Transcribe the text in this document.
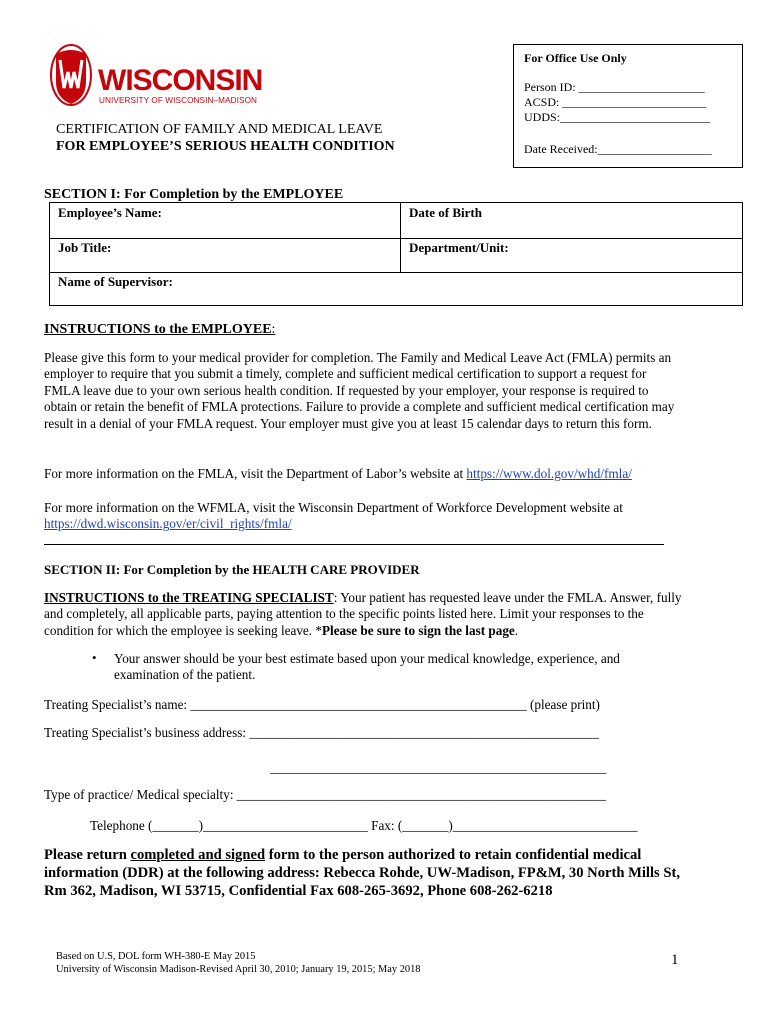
WISCONSIN
UNIVERSITY OF WISCONSIN–MADISON
For Office Use Only
Person ID: _____________________
ACSD: ________________________
UDDS:_________________________
Date Received:___________________
CERTIFICATION OF FAMILY AND MEDICAL LEAVE
FOR EMPLOYEE’S SERIOUS HEALTH CONDITION
SECTION I: For Completion by the EMPLOYEE
Employee’s Name:	Date of Birth
Job Title:	Department/Unit:
Name of Supervisor:
INSTRUCTIONS to the EMPLOYEE:
Please give this form to your medical provider for completion. The Family and Medical Leave Act (FMLA) permits an employer to require that you submit a timely, complete and sufficient medical certification to support a request for FMLA leave due to your own serious health condition. If requested by your employer, your response is required to obtain or retain the benefit of FMLA protections. Failure to provide a complete and sufficient medical certification may result in a denial of your FMLA request. Your employer must give you at least 15 calendar days to return this form.
For more information on the FMLA, visit the Department of Labor’s website at https://www.dol.gov/whd/fmla/
For more information on the WFMLA, visit the Wisconsin Department of Workforce Development website at https://dwd.wisconsin.gov/er/civil_rights/fmla/
SECTION II: For Completion by the HEALTH CARE PROVIDER
INSTRUCTIONS to the TREATING SPECIALIST: Your patient has requested leave under the FMLA. Answer, fully and completely, all applicable parts, paying attention to the specific points listed here. Limit your responses to the condition for which the employee is seeking leave. *Please be sure to sign the last page.
• Your answer should be your best estimate based upon your medical knowledge, experience, and examination of the patient.
Treating Specialist’s name: ___________________________________________________ (please print)
Treating Specialist’s business address: _____________________________________________________
___________________________________________________
Type of practice/ Medical specialty: ________________________________________________________
Telephone (_______)_________________________ Fax: (_______)____________________________
Please return completed and signed form to the person authorized to retain confidential medical information (DDR) at the following address: Rebecca Rohde, UW-Madison, FP&M, 30 North Mills St, Rm 362, Madison, WI 53715, Confidential Fax 608-265-3692, Phone 608-262-6218
Based on U.S, DOL form WH-380-E May 2015
University of Wisconsin Madison-Revised April 30, 2010; January 19, 2015; May 2018
1
